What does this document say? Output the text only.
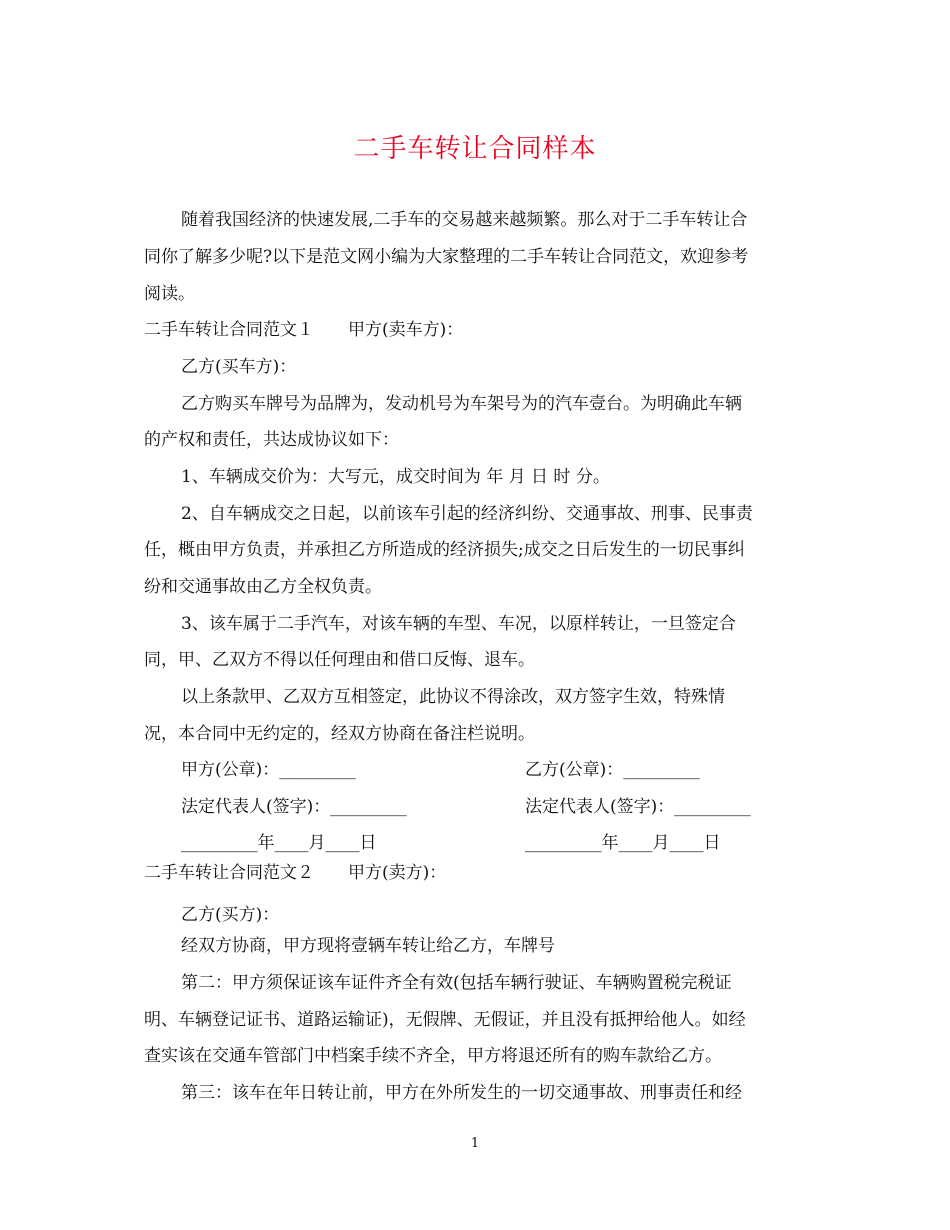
二手车转让合同样本
随着我国经济的快速发展,二手车的交易越来越频繁。那么对于二手车转让合
同你了解多少呢?以下是范文网小编为大家整理的二手车转让合同范文，欢迎参考
阅读。
二手车转让合同范文１ 甲方(卖车方)：
乙方(买车方)：
乙方购买车牌号为品牌为，发动机号为车架号为的汽车壹台。为明确此车辆
的产权和责任，共达成协议如下：
1、车辆成交价为：大写元，成交时间为 年 月 日 时 分。
2、自车辆成交之日起，以前该车引起的经济纠纷、交通事故、刑事、民事责
任，概由甲方负责，并承担乙方所造成的经济损失;成交之日后发生的一切民事纠
纷和交通事故由乙方全权负责。
3、该车属于二手汽车，对该车辆的车型、车况，以原样转让，一旦签定合
同，甲、乙双方不得以任何理由和借口反悔、退车。
以上条款甲、乙双方互相签定，此协议不得涂改，双方签字生效，特殊情
况，本合同中无约定的，经双方协商在备注栏说明。
甲方(公章)：_________	乙方(公章)：_________
法定代表人(签字)：_________	法定代表人(签字)：_________
_________年____月____日	_________年____月____日
二手车转让合同范文２ 甲方(卖方)：
乙方(买方)：
经双方协商，甲方现将壹辆车转让给乙方，车牌号
第二：甲方须保证该车证件齐全有效(包括车辆行驶证、车辆购置税完税证
明、车辆登记证书、道路运输证)，无假牌、无假证，并且没有抵押给他人。如经
查实该在交通车管部门中档案手续不齐全，甲方将退还所有的购车款给乙方。
第三：该车在年日转让前，甲方在外所发生的一切交通事故、刑事责任和经
1
